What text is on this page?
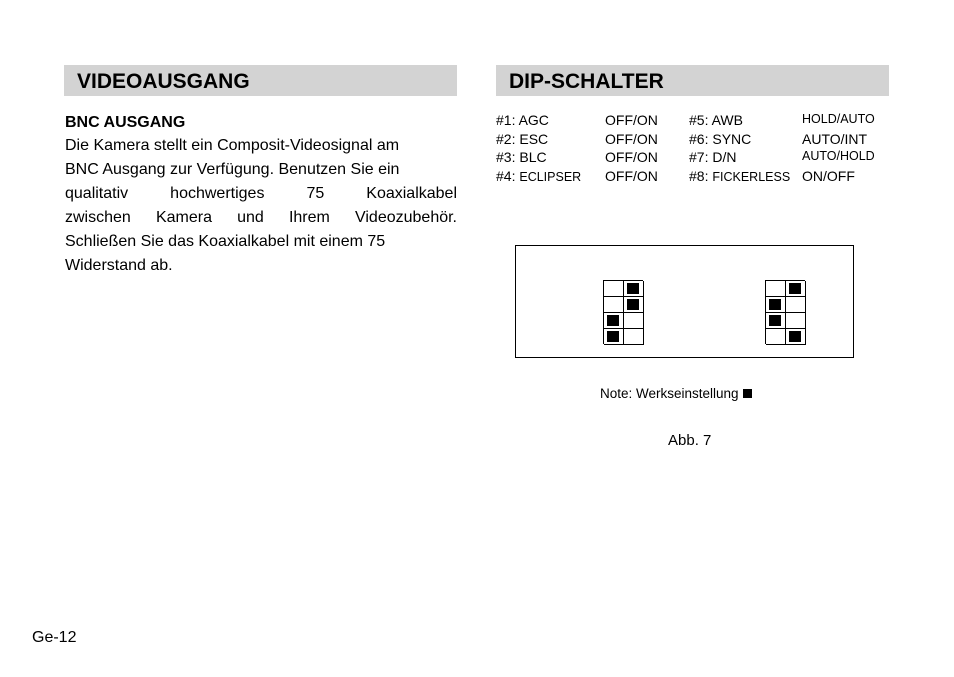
VIDEOAUSGANG	DIP-SCHALTER
BNC AUSGANG
Die Kamera stellt ein Composit-Videosignal am
BNC Ausgang zur Verfügung. Benutzen Sie ein
qualitativ hochwertiges 75 Koaxialkabel
zwischen Kamera und Ihrem Videozubehör.
Schließen Sie das Koaxialkabel mit einem 75
Widerstand ab.
#1: AGC	OFF/ON #5: AWB	HOLD/AUTO
#2: ESC	OFF/ON #6: SYNC	AUTO/INT
#3: BLC	OFF/ON #7: D/N	AUTO/HOLD
#4: ECLIPSER OFF/ON #8: FICKERLESS ON/OFF
Note: Werkseinstellung
Abb. 7
Ge-12
